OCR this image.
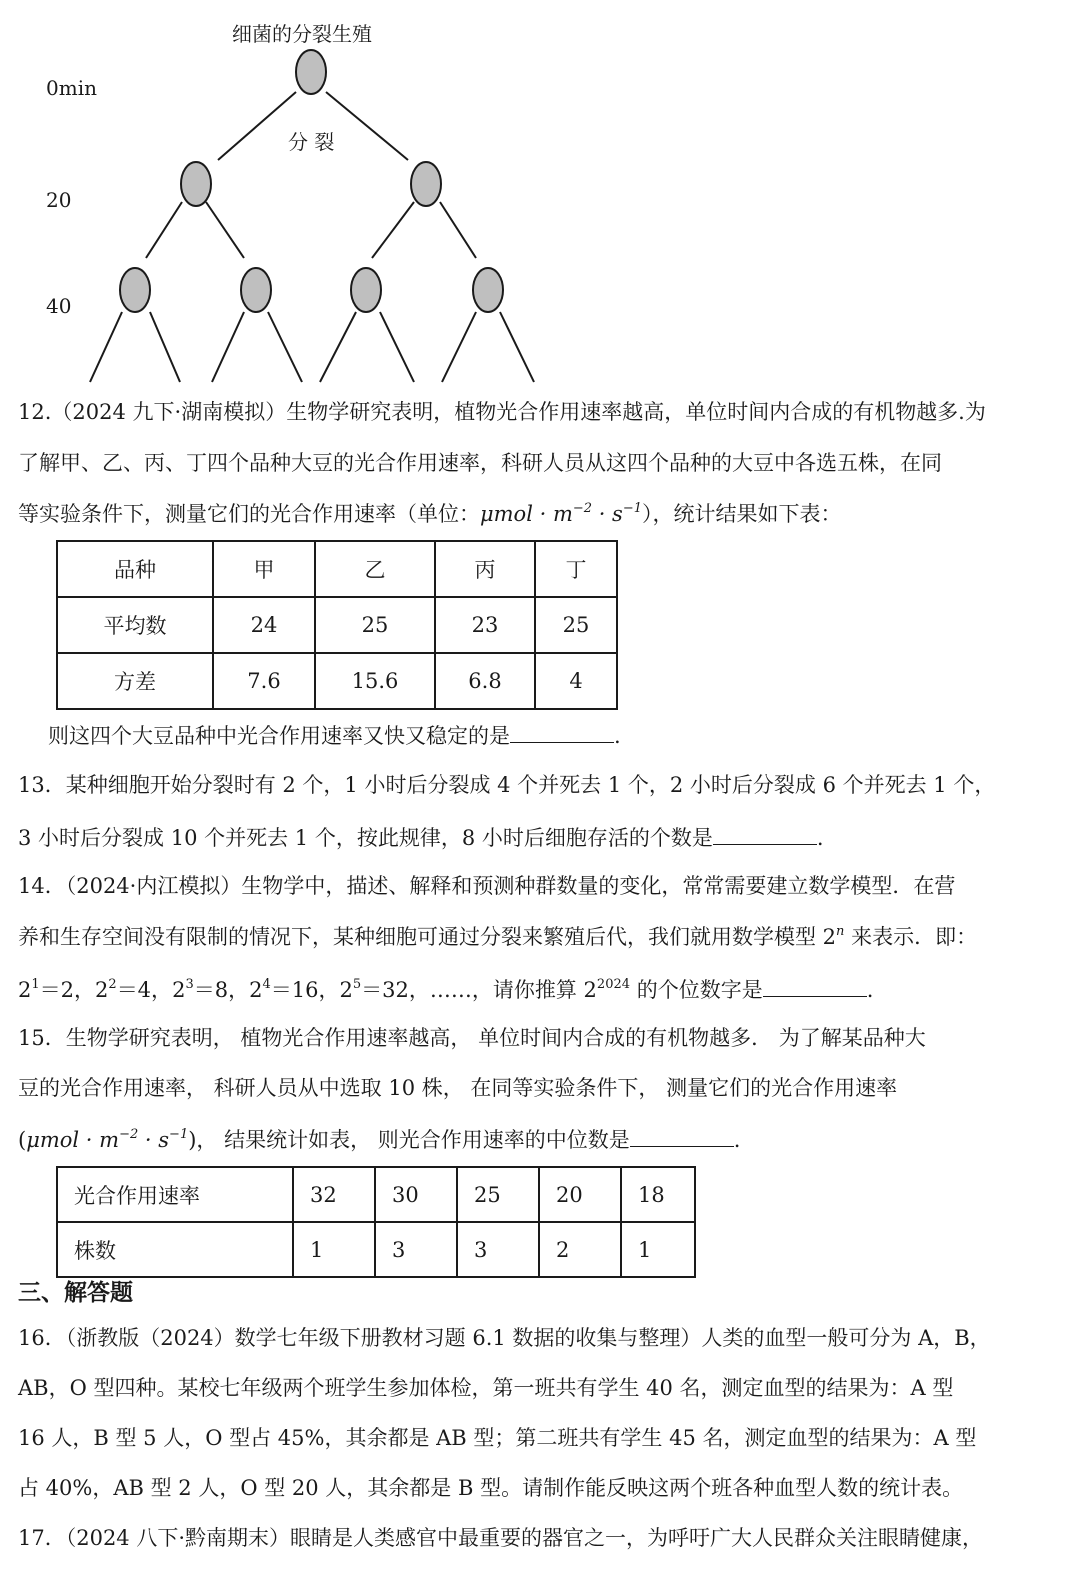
细菌的分裂生殖
0min
20
40
分 裂
12.（2024 九下·湖南模拟）生物学研究表明，植物光合作用速率越高，单位时间内合成的有机物越多.为
了解甲、乙、丙、丁四个品种大豆的光合作用速率，科研人员从这四个品种的大豆中各选五株，在同
等实验条件下，测量它们的光合作用速率（单位：$\mu mol \cdot m^{-2} \cdot s^{-1}$），统计结果如下表：
品种	甲	乙	丙	丁
平均数	24	25	23	25
方差	7.6	15.6	6.8	4
则这四个大豆品种中光合作用速率又快又稳定的是	.
13．某种细胞开始分裂时有 2 个，1 小时后分裂成 4 个并死去 1 个，2 小时后分裂成 6 个并死去 1 个，
3 小时后分裂成 10 个并死去 1 个，按此规律，8 小时后细胞存活的个数是	.
14．（2024·内江模拟）生物学中，描述、解释和预测种群数量的变化，常常需要建立数学模型．在营
养和生存空间没有限制的情况下，某种细胞可通过分裂来繁殖后代，我们就用数学模型 2$^n$ 来表示．即：
$2^1=2$，$2^2=4$，$2^3=8$，$2^4=16$，$2^5=32$，……，请你推算 $2^{2024}$ 的个位数字是	.
15．生物学研究表明， 植物光合作用速率越高， 单位时间内合成的有机物越多． 为了解某品种大
豆的光合作用速率， 科研人员从中选取 10 株， 在同等实验条件下， 测量它们的光合作用速率
$(\mu mol \cdot m^{-2} \cdot s^{-1})$， 结果统计如表， 则光合作用速率的中位数是	.
光合作用速率	32	30	25	20	18
株数	1	3	3	2	1
三、解答题
16．（浙教版（2024）数学七年级下册教材习题 6.1 数据的收集与整理）人类的血型一般可分为 A，B，
AB，O 型四种。某校七年级两个班学生参加体检，第一班共有学生 40 名，测定血型的结果为：A 型
16 人，B 型 5 人，O 型占 45%，其余都是 AB 型；第二班共有学生 45 名，测定血型的结果为：A 型
占 40%，AB 型 2 人，O 型 20 人，其余都是 B 型。请制作能反映这两个班各种血型人数的统计表。
17．（2024 八下·黔南期末）眼睛是人类感官中最重要的器官之一，为呼吁广大人民群众关注眼睛健康，
